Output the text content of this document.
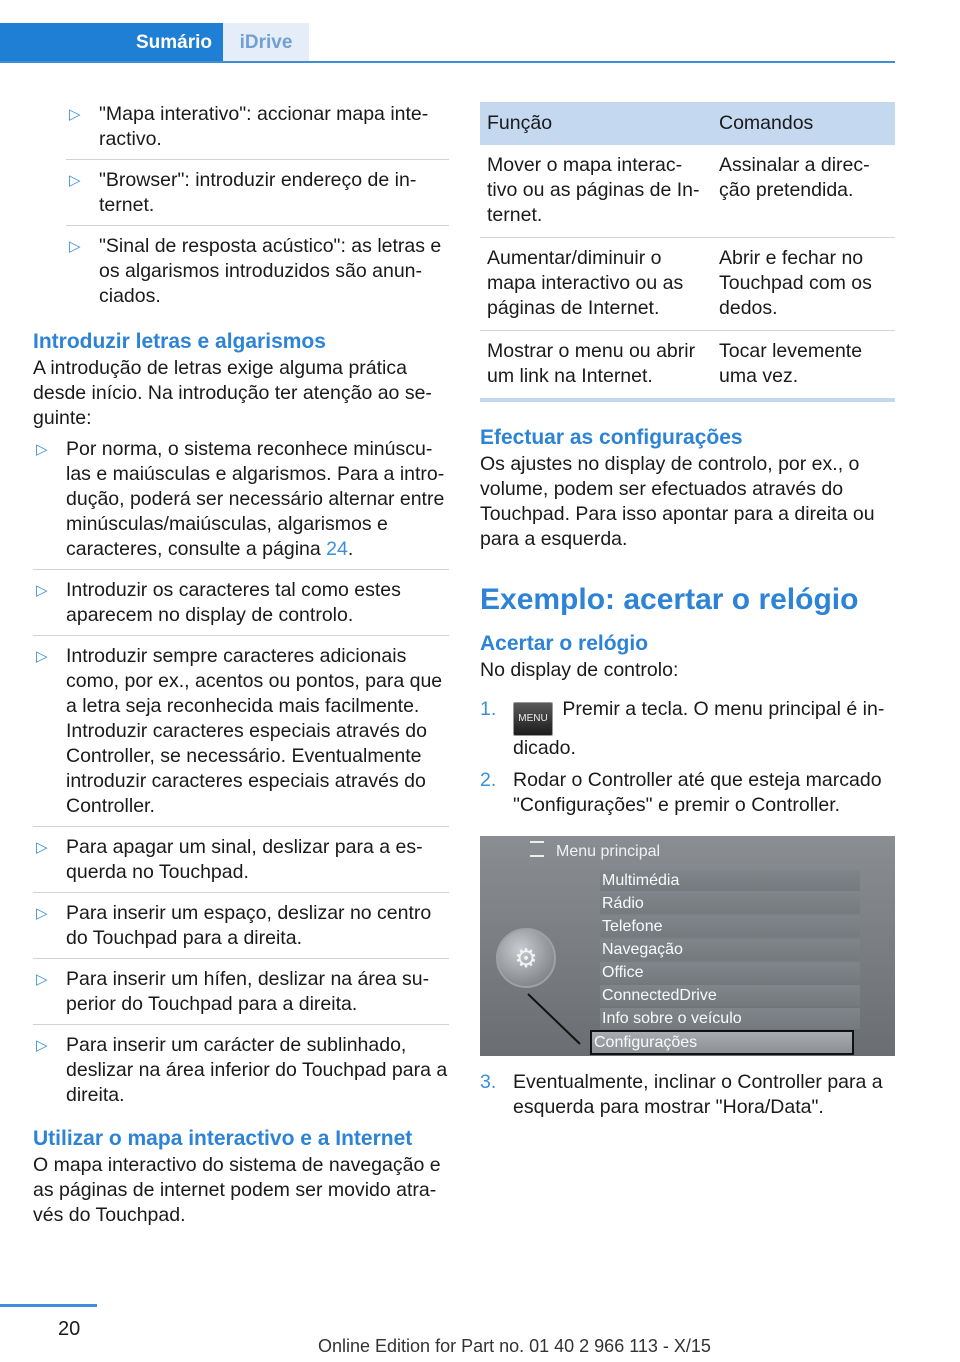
Sumário	iDrive
▷ "Mapa interativo": accionar mapa interactivo.
▷ "Browser": introduzir endereço de internet.
▷ "Sinal de resposta acústico": as letras e os algarismos introduzidos são anunciados.
Introduzir letras e algarismos

A introdução de letras exige alguma prática desde início. Na introdução ter atenção ao seguinte:

▷ Por norma, o sistema reconhece minúsculas e maiúsculas e algarismos. Para a introdução, poderá ser necessário alternar entre minúsculas/maiúsculas, algarismos e caracteres, consulte a página 24.
▷ Introduzir os caracteres tal como estes aparecem no display de controlo.
▷ Introduzir sempre caracteres adicionais como, por ex., acentos ou pontos, para que a letra seja reconhecida mais facilmente. Introduzir caracteres especiais através do Controller, se necessário. Eventualmente introduzir caracteres especiais através do Controller.
▷ Para apagar um sinal, deslizar para a esquerda no Touchpad.
▷ Para inserir um espaço, deslizar no centro do Touchpad para a direita.
▷ Para inserir um hífen, deslizar na área superior do Touchpad para a direita.
▷ Para inserir um carácter de sublinhado, deslizar na área inferior do Touchpad para a direita.
Utilizar o mapa interactivo e a Internet

O mapa interactivo do sistema de navegação e as páginas de internet podem ser movido através do Touchpad.

Função	Comandos
Mover o mapa interactivo ou as páginas de Internet.	Assinalar a direcção pretendida.
Aumentar/diminuir o mapa interactivo ou as páginas de Internet.	Abrir e fechar no Touchpad com os dedos.
Mostrar o menu ou abrir um link na Internet.	Tocar levemente uma vez.
Efectuar as configurações

Os ajustes no display de controlo, por ex., o volume, podem ser efectuados através do Touchpad. Para isso apontar para a direita ou para a esquerda.

Exemplo: acertar o relógio
Acertar o relógio

No display de controlo:

1. MENU Premir a tecla. O menu principal é indicado.
2. Rodar o Controller até que esteja marcado "Configurações" e premir o Controller.
Menu principal
Multimédia
Rádio
Telefone
Navegação
Office
ConnectedDrive
Info sobre o veículo
Configurações
⚙
3. Eventualmente, inclinar o Controller para a esquerda para mostrar "Hora/Data".
20
Online Edition for Part no. 01 40 2 966 113 - X/15
